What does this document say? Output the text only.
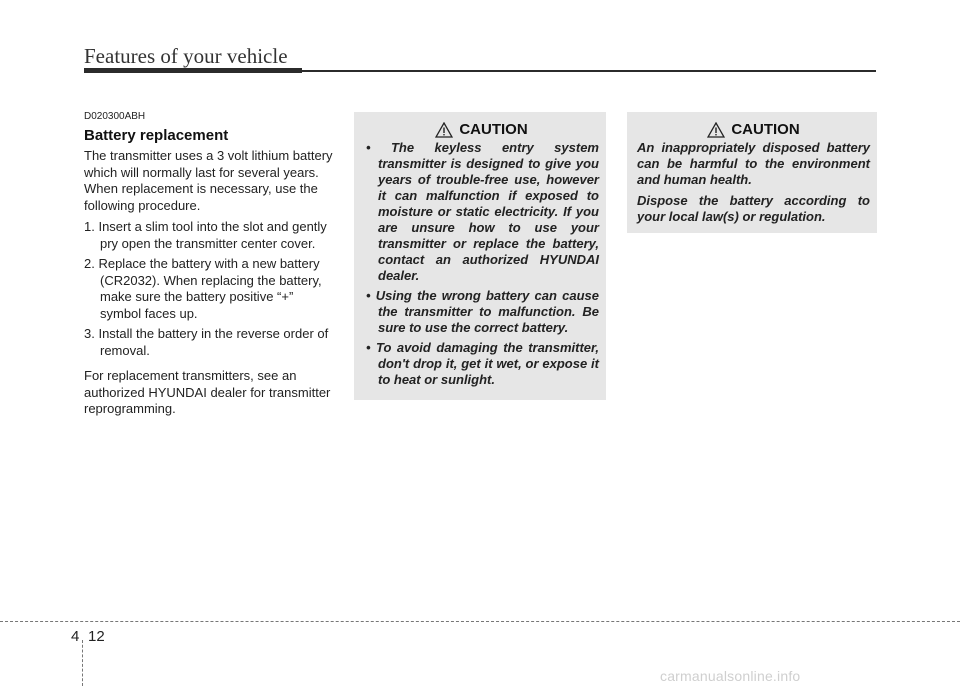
Features of your vehicle

D020300ABH

Battery replacement

The transmitter uses a 3 volt lithium battery which will normally last for several years. When replacement is necessary, use the following procedure.

1. Insert a slim tool into the slot and gently pry open the transmitter center cover.
2. Replace the battery with a new battery (CR2032). When replacing the battery, make sure the battery positive “+” symbol faces up.
3. Install the battery in the reverse order of removal.

For replacement transmitters, see an authorized HYUNDAI dealer for transmitter reprogramming.

CAUTION
• The keyless entry system transmitter is designed to give you years of trouble-free use, however it can malfunction if exposed to moisture or static electricity. If you are unsure how to use your transmitter or replace the battery, contact an authorized HYUNDAI dealer.
• Using the wrong battery can cause the transmitter to malfunction. Be sure to use the correct battery.
• To avoid damaging the transmitter, don't drop it, get it wet, or expose it to heat or sunlight.
CAUTION

An inappropriately disposed battery can be harmful to the environment and human health.

Dispose the battery according to your local law(s) or regulation.

4 12
carmanualsonline.info
